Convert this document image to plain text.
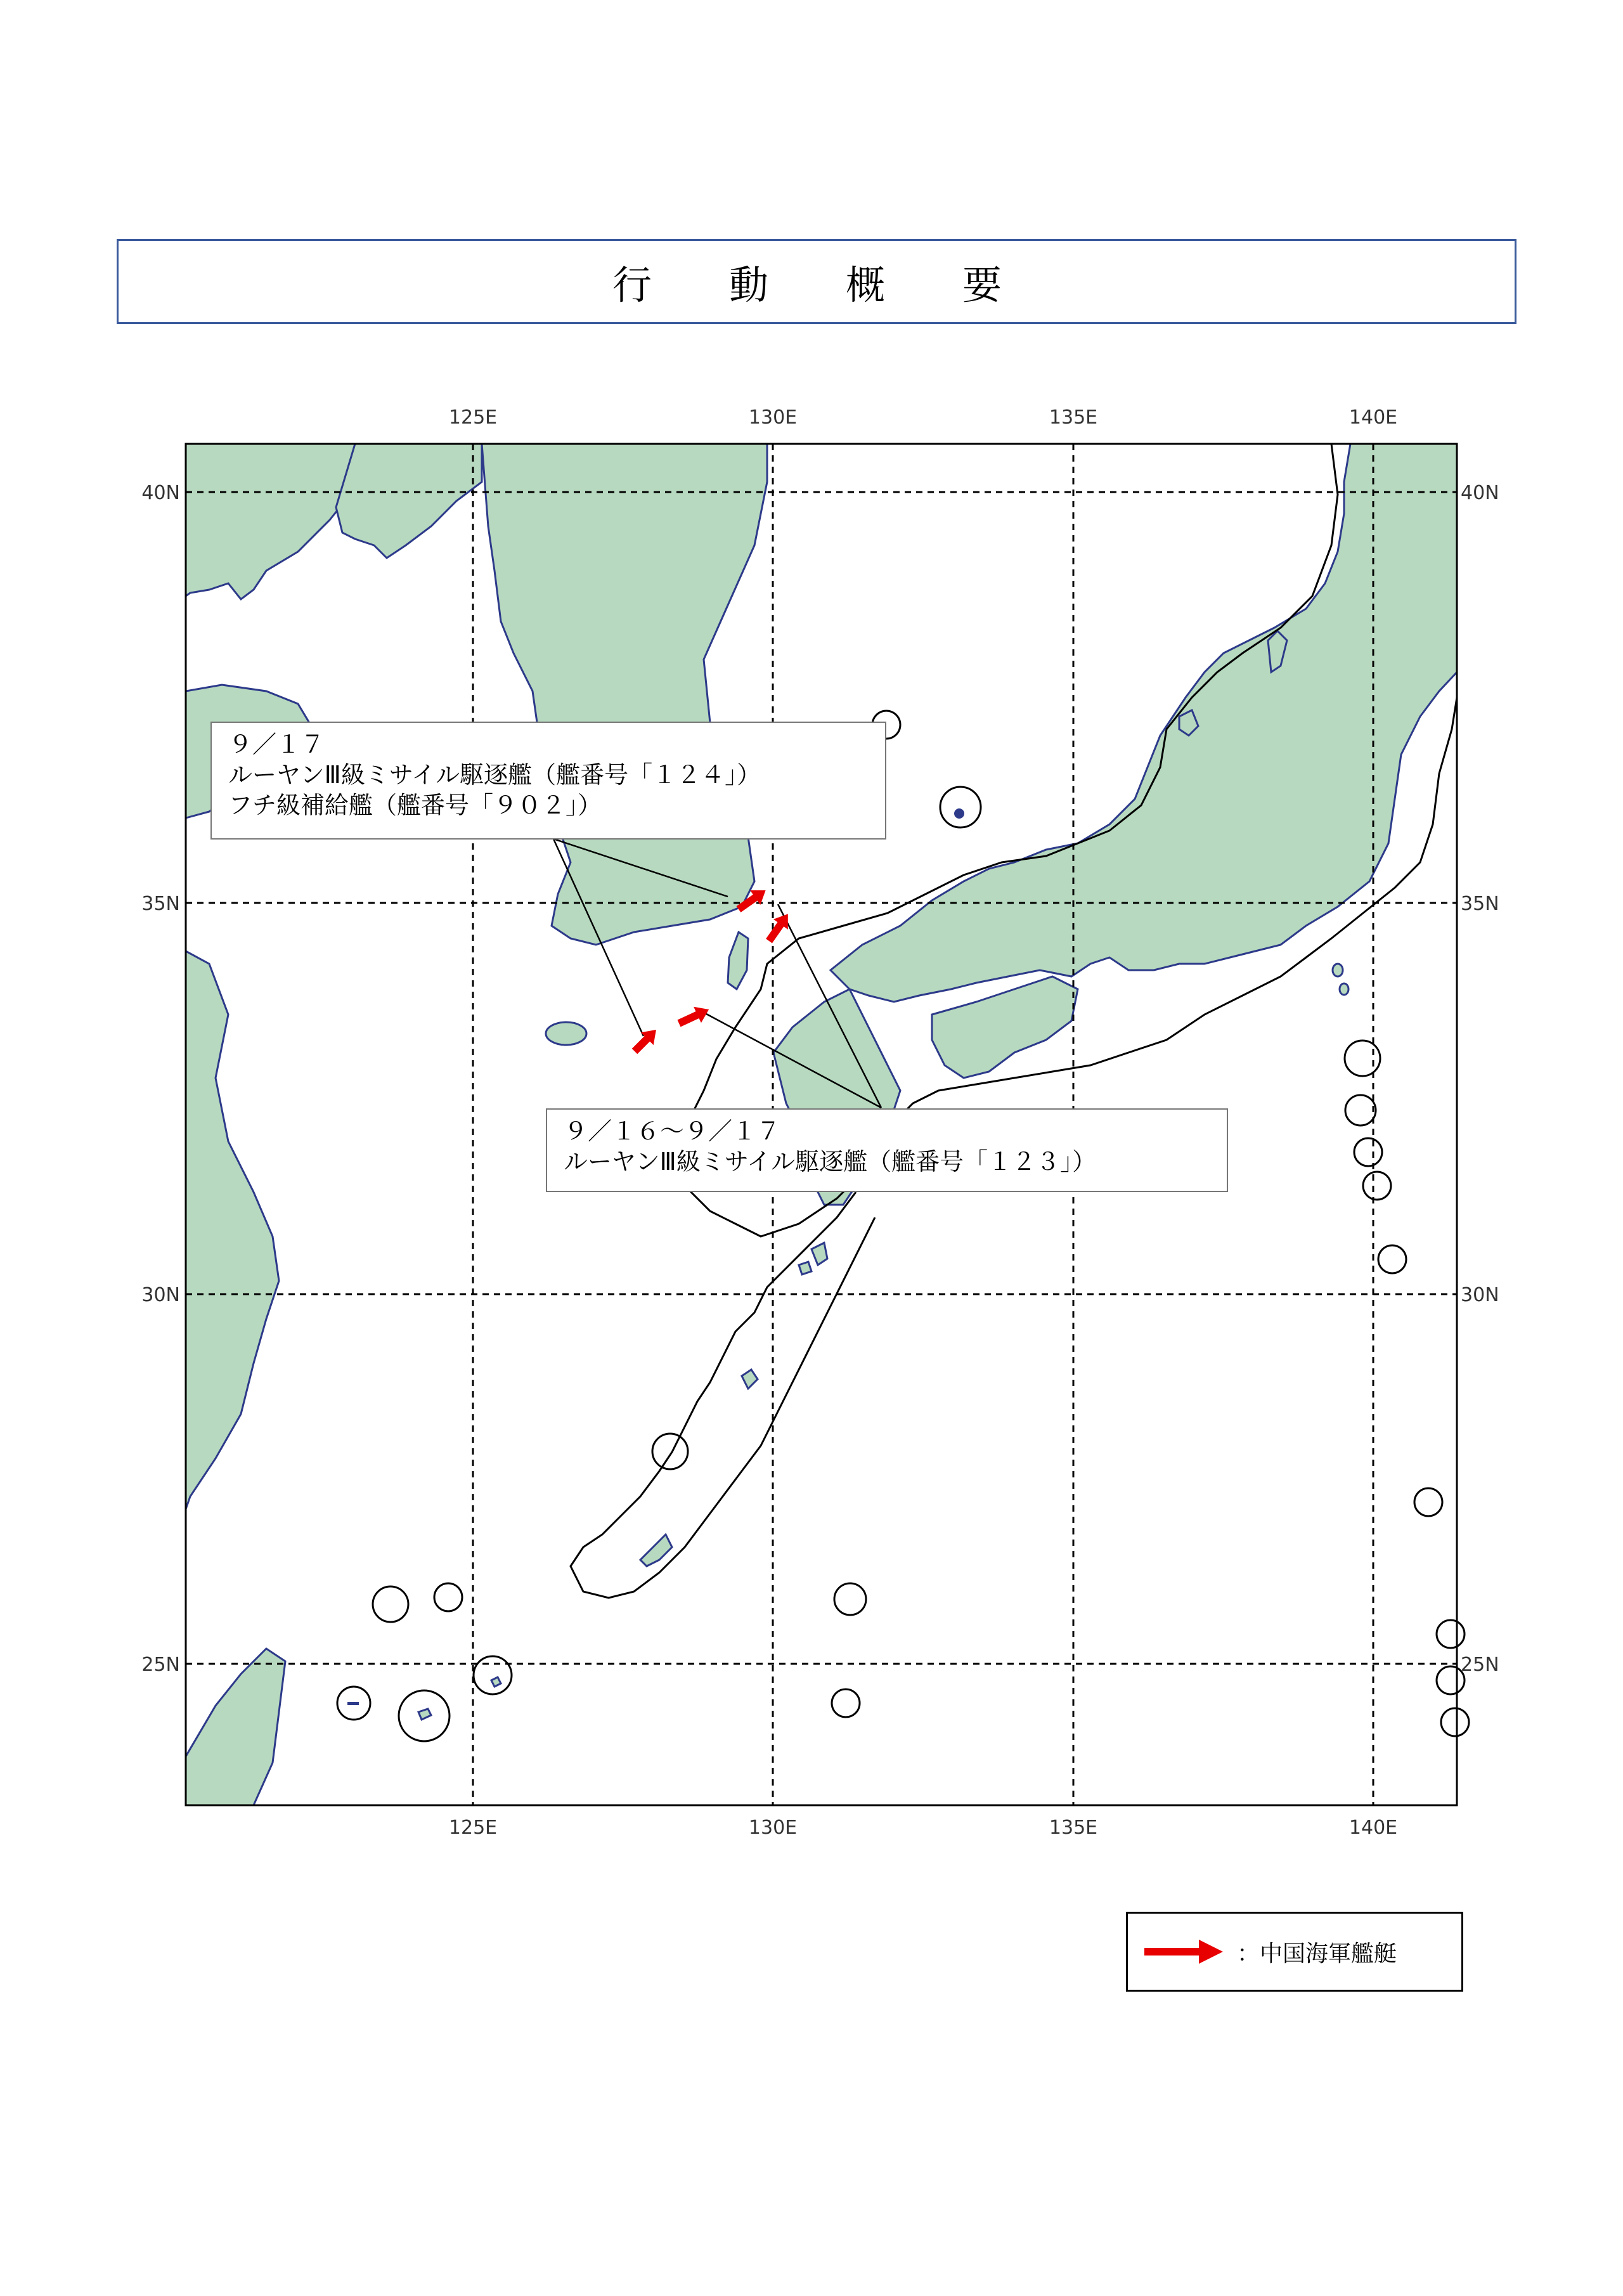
行　動　概　要
125E	130E	135E	140E
125E	130E	135E	140E
40N
35N
30N
25N
40N
35N
30N
25N
９／１７
ルーヤンⅢ級ミサイル駆逐艦（艦番号「１２４」）
フチ級補給艦（艦番号「９０２」）
９／１６～９／１７
ルーヤンⅢ級ミサイル駆逐艦（艦番号「１２３」）
：中国海軍艦艇
